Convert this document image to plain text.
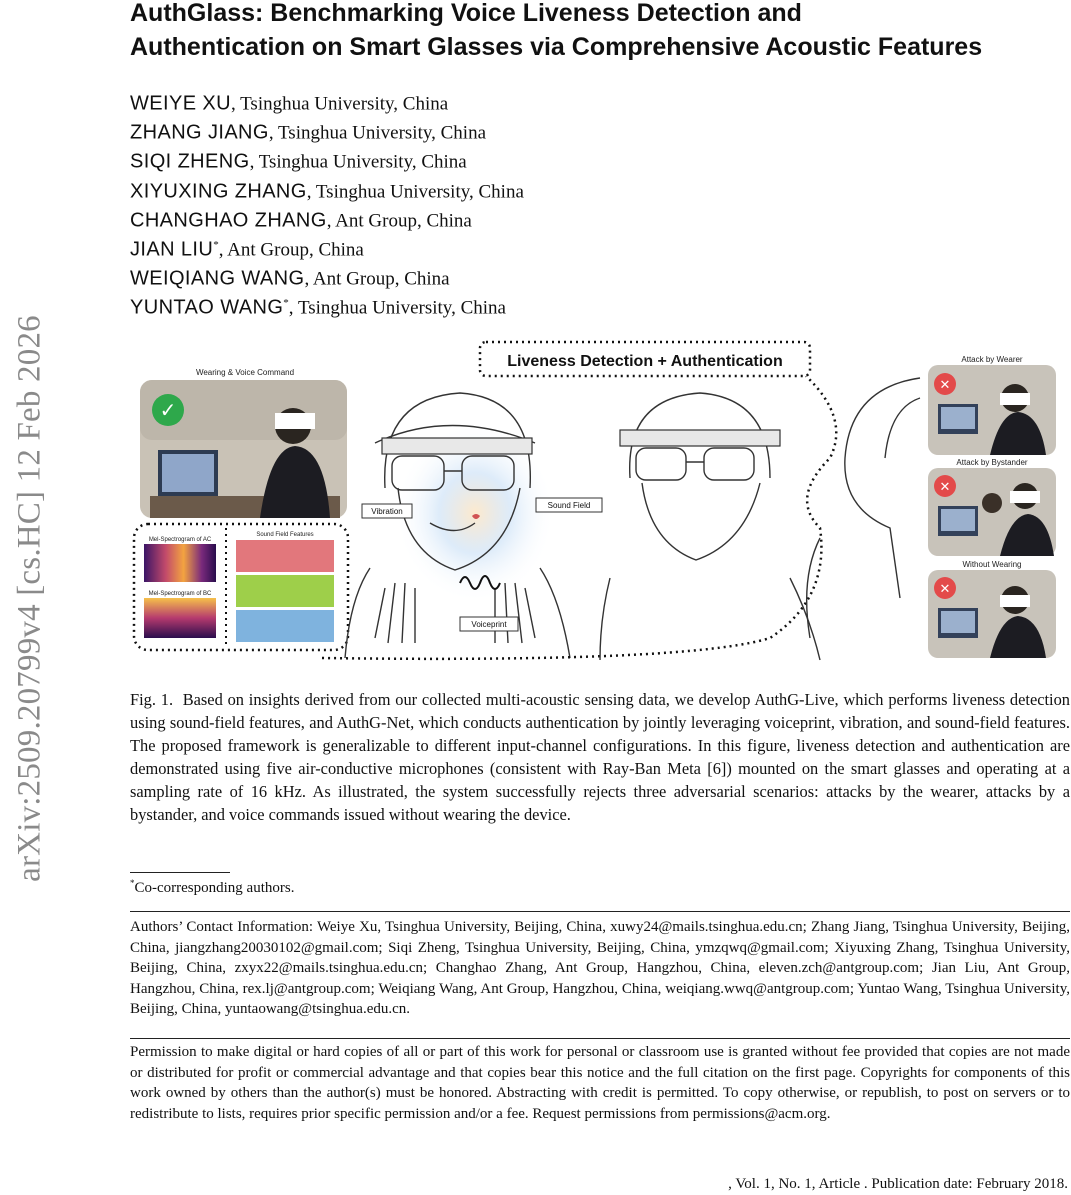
arXiv:2509.20799v4 [cs.HC] 12 Feb 2026
AuthGlass: Benchmarking Voice Liveness Detection and
Authentication on Smart Glasses via Comprehensive Acoustic Features
WEIYE XU, Tsinghua University, China
ZHANG JIANG, Tsinghua University, China
SIQI ZHENG, Tsinghua University, China
XIYUXING ZHANG, Tsinghua University, China
CHANGHAO ZHANG, Ant Group, China
JIAN LIU*, Ant Group, China
WEIQIANG WANG, Ant Group, China
YUNTAO WANG*, Tsinghua University, China
Liveness Detection + Authentication
Wearing & Voice Command
✓
Mel-Spectrogram of AC
Mel-Spectrogram of BC
Sound Field Features
Vibration
Sound Field
Voiceprint
Attack by Wearer
✕
Attack by Bystander
✕
Without Wearing
✕
Fig. 1. Based on insights derived from our collected multi-acoustic sensing data, we develop AuthG-Live, which performs liveness detection using sound-field features, and AuthG-Net, which conducts authentication by jointly leveraging voiceprint, vibration, and sound-field features. The proposed framework is generalizable to different input-channel configurations. In this figure, liveness detection and authentication are demonstrated using five air-conductive microphones (consistent with Ray-Ban Meta [6]) mounted on the smart glasses and operating at a sampling rate of 16 kHz. As illustrated, the system successfully rejects three adversarial scenarios: attacks by the wearer, attacks by a bystander, and voice commands issued without wearing the device.
*Co-corresponding authors.
Authors’ Contact Information: Weiye Xu, Tsinghua University, Beijing, China, xuwy24@mails.tsinghua.edu.cn; Zhang Jiang, Tsinghua University, Beijing, China, jiangzhang20030102@gmail.com; Siqi Zheng, Tsinghua University, Beijing, China, ymzqwq@gmail.com; Xiyuxing Zhang, Tsinghua University, Beijing, China, zxyx22@mails.tsinghua.edu.cn; Changhao Zhang, Ant Group, Hangzhou, China, eleven.zch@antgroup.com; Jian Liu, Ant Group, Hangzhou, China, rex.lj@antgroup.com; Weiqiang Wang, Ant Group, Hangzhou, China, weiqiang.wwq@antgroup.com; Yuntao Wang, Tsinghua University, Beijing, China, yuntaowang@tsinghua.edu.cn.
Permission to make digital or hard copies of all or part of this work for personal or classroom use is granted without fee provided that copies are not made or distributed for profit or commercial advantage and that copies bear this notice and the full citation on the first page. Copyrights for components of this work owned by others than the author(s) must be honored. Abstracting with credit is permitted. To copy otherwise, or republish, to post on servers or to redistribute to lists, requires prior specific permission and/or a fee. Request permissions from permissions@acm.org.
, Vol. 1, No. 1, Article . Publication date: February 2018.
